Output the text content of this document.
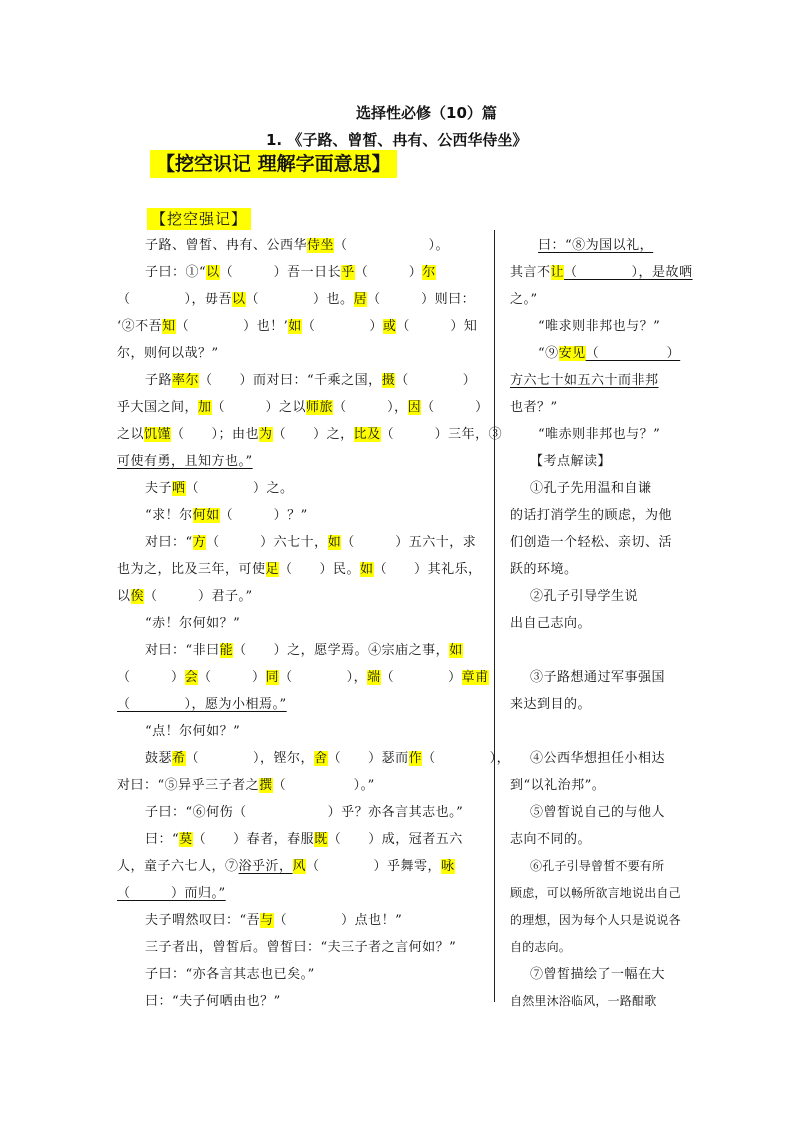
选择性必修（10）篇
1. 《子路、曾皙、冉有、公西华侍坐》
【挖空识记 理解字面意思】
【挖空强记】
子路、曾皙、冉有、公西华侍坐（　　　　　　）。
子曰：①“以（　　　）吾一日长乎（　　　）尔
（　　　　），毋吾以（　　　　）也。居（　　　）则曰：
‘②不吾知（　　　　）也！’如（　　　　）或（　　　）知
尔，则何以哉？”
子路率尔（　　）而对曰：“千乘之国，摄（　　　　）
乎大国之间，加（　　　）之以师旅（　　　），因（　　　）
之以饥馑（　　）；由也为（　　）之，比及（　　　）三年，③
可使有勇，且知方也。”
夫子哂（　　　　）之。
“求！尔何如（　　　）？”
对曰：“方（　　　）六七十，如（　　　）五六十，求
也为之，比及三年，可使足（　　）民。如（　　）其礼乐，
以俟（　　　）君子。”
“赤！尔何如？”
对曰：“非曰能（　　）之，愿学焉。④宗庙之事，如
（　　　）会（　　　）同（　　　　），端（　　　　）章甫
（　　　　），愿为小相焉。”
“点！尔何如？”
鼓瑟希（　　　　），铿尔，舍（　　）瑟而作（　　　　），
对曰：“⑤异乎三子者之撰（　　　　　）。”
子曰：“⑥何伤（　　　　　　）乎？亦各言其志也。”
曰：“莫（　　）春者，春服既（　　）成，冠者五六
人，童子六七人，⑦浴乎沂，风（　　　　）乎舞雩，咏
（　　　）而归。”
夫子喟然叹曰：“吾与（　　　　）点也！”
三子者出，曾皙后。曾皙曰：“夫三子者之言何如？”
子曰：“亦各言其志也已矣。”
曰：“夫子何哂由也？”
曰：“⑧为国以礼，
其言不让（　　　　），是故哂
之。”
“唯求则非邦也与？”
“⑨安见（　　　　　）
方六七十如五六十而非邦
也者？”
“唯赤则非邦也与？”
【考点解读】
①孔子先用温和自谦
的话打消学生的顾虑，为他
们创造一个轻松、亲切、活
跃的环境。
②孔子引导学生说
出自己志向。
③子路想通过军事强国
来达到目的。
④公西华想担任小相达
到“以礼治邦”。
⑤曾皙说自己的与他人
志向不同的。
⑥孔子引导曾皙不要有所
顾虑，可以畅所欲言地说出自己
的理想，因为每个人只是说说各
自的志向。
⑦曾皙描绘了一幅在大
自然里沐浴临风，一路酣歌
